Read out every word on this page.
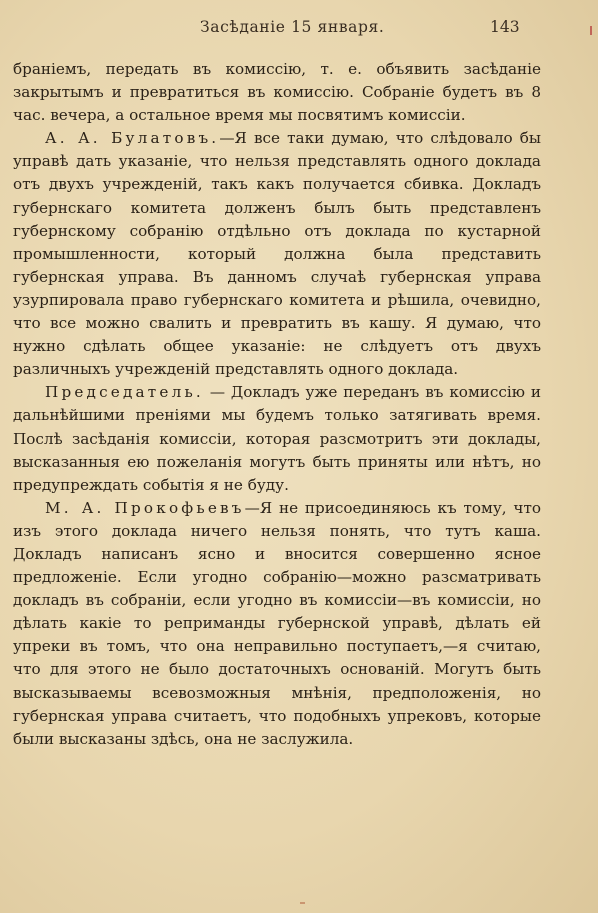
Засѣданіе 15 января.	143

браніемъ, передать въ комиссію, т. е. объявить засѣданіе закрытымъ и превратиться въ комиссію. Собраніе будетъ въ 8 час. вечера, а остальное время мы посвятимъ комиссіи.

А. А. Булатовъ.—Я все таки думаю, что слѣдовало бы управѣ дать указаніе, что нельзя представлять одного доклада отъ двухъ учрежденій, такъ какъ получается сбивка. Докладъ губернскаго комитета долженъ былъ быть представленъ губернскому собранію отдѣльно отъ доклада по кустарной промышленности, который должна была представить губернская управа. Въ данномъ случаѣ губернская управа узурпировала право губернскаго комитета и рѣшила, очевидно, что все можно свалить и превратить въ кашу. Я думаю, что нужно сдѣлать общее указаніе: не слѣдуетъ отъ двухъ различныхъ учрежденій представлять одного доклада.

Председатель. — Докладъ уже переданъ въ комиссію и дальнѣйшими преніями мы будемъ только затягивать время. Послѣ засѣданія комиссіи, которая разсмотритъ эти доклады, высказанныя ею пожеланія могутъ быть приняты или нѣтъ, но предупреждать событія я не буду.

М. А. Прокофьевъ—Я не присоединяюсь къ тому, что изъ этого доклада ничего нельзя понять, что тутъ каша. Докладъ написанъ ясно и вносится совершенно ясное предложеніе. Если угодно собранію—можно разсматривать докладъ въ собраніи, если угодно въ комиссіи—въ комиссіи, но дѣлать какіе то реприманды губернской управѣ, дѣлать ей упреки въ томъ, что она неправильно поступаетъ,—я считаю, что для этого не было достаточныхъ основаній. Могутъ быть высказываемы всевозможныя мнѣнія, предположенія, но губернская управа считаетъ, что подобныхъ упрековъ, которые были высказаны здѣсь, она не заслужила.
